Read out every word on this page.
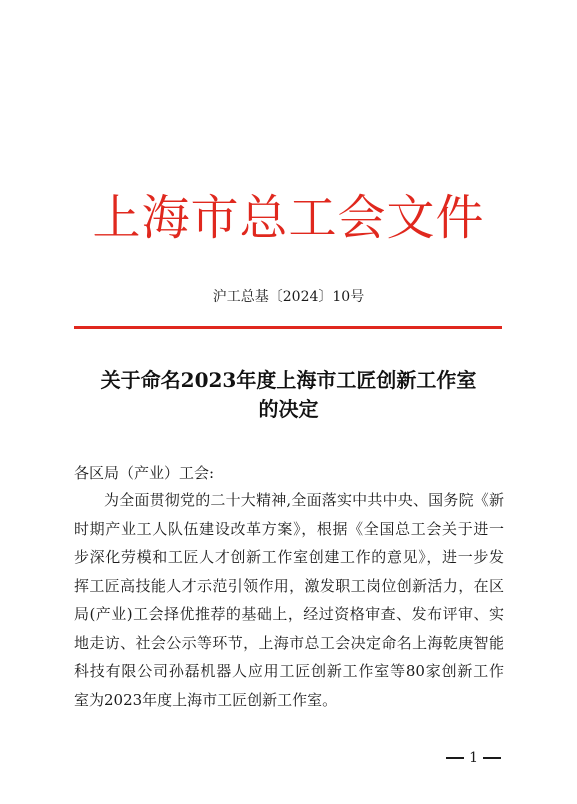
上海市总工会文件
沪工总基〔2024〕10号
关于命名2023年度上海市工匠创新工作室
的决定
各区局（产业）工会:
为全面贯彻党的二十大精神,全面落实中共中央、国务院《新
时期产业工人队伍建设改革方案》，根据《全国总工会关于进一
步深化劳模和工匠人才创新工作室创建工作的意见》，进一步发
挥工匠高技能人才示范引领作用，激发职工岗位创新活力，在区
局(产业)工会择优推荐的基础上，经过资格审查、发布评审、实
地走访、社会公示等环节，上海市总工会决定命名上海乾庚智能
科技有限公司孙磊机器人应用工匠创新工作室等80家创新工作
室为2023年度上海市工匠创新工作室。
1
